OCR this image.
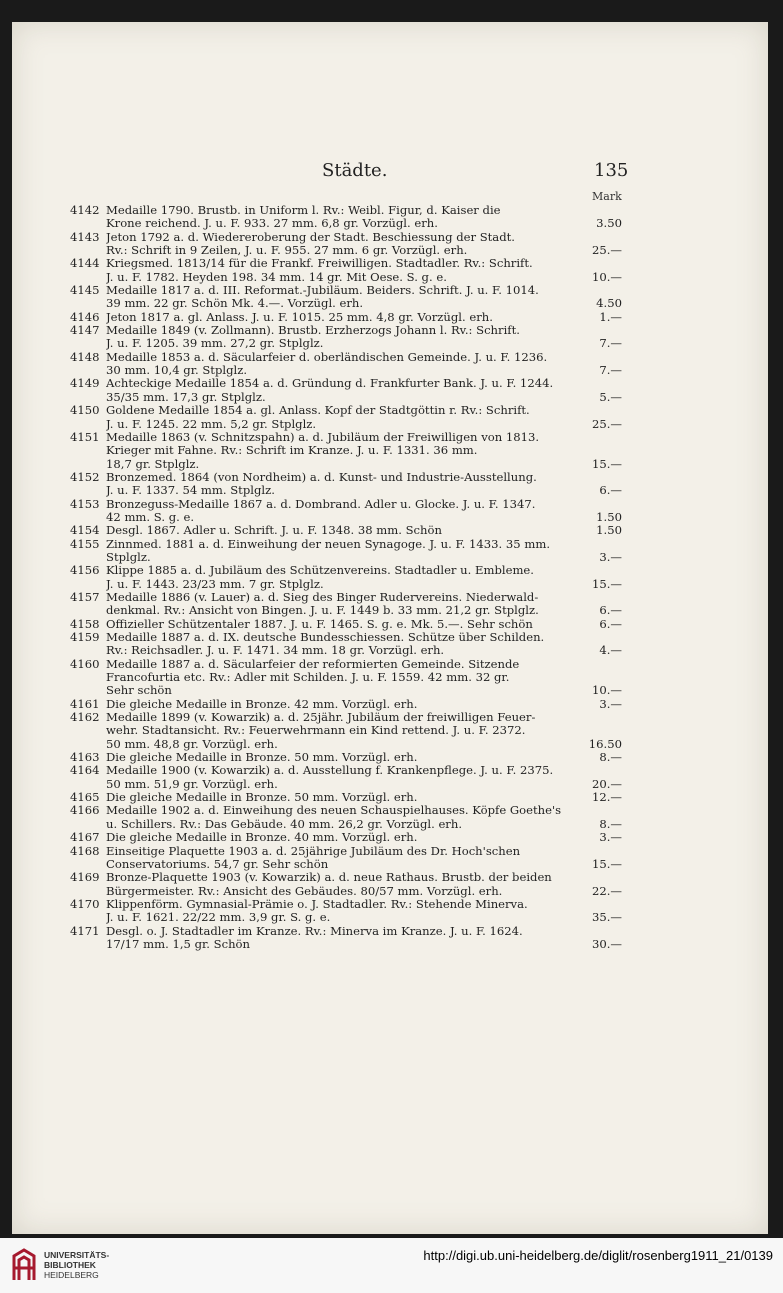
Städte.	135
Mark
4142 Medaille 1790. Brustb. in Uniform l. Rv.: Weibl. Figur, d. Kaiser die
Krone reichend. J. u. F. 933. 27 mm. 6,8 gr. Vorzügl. erh.	3.50
4143 Jeton 1792 a. d. Wiedereroberung der Stadt. Beschiessung der Stadt.
Rv.: Schrift in 9 Zeilen, J. u. F. 955. 27 mm. 6 gr. Vorzügl. erh.	25.—
4144 Kriegsmed. 1813/14 für die Frankf. Freiwilligen. Stadtadler. Rv.: Schrift.
J. u. F. 1782. Heyden 198. 34 mm. 14 gr. Mit Oese. S. g. e.	10.—
4145 Medaille 1817 a. d. III. Reformat.-Jubiläum. Beiders. Schrift. J. u. F. 1014.
39 mm. 22 gr. Schön Mk. 4.—. Vorzügl. erh.	4.50
4146 Jeton 1817 a. gl. Anlass. J. u. F. 1015. 25 mm. 4,8 gr. Vorzügl. erh.	1.—
4147 Medaille 1849 (v. Zollmann). Brustb. Erzherzogs Johann l. Rv.: Schrift.
J. u. F. 1205. 39 mm. 27,2 gr. Stplglz.	7.—
4148 Medaille 1853 a. d. Säcularfeier d. oberländischen Gemeinde. J. u. F. 1236.
30 mm. 10,4 gr. Stplglz.	7.—
4149 Achteckige Medaille 1854 a. d. Gründung d. Frankfurter Bank. J. u. F. 1244.
35/35 mm. 17,3 gr. Stplglz.	5.—
4150 Goldene Medaille 1854 a. gl. Anlass. Kopf der Stadtgöttin r. Rv.: Schrift.
J. u. F. 1245. 22 mm. 5,2 gr. Stplglz.	25.—
4151 Medaille 1863 (v. Schnitzspahn) a. d. Jubiläum der Freiwilligen von 1813.
Krieger mit Fahne. Rv.: Schrift im Kranze. J. u. F. 1331. 36 mm.
18,7 gr. Stplglz.	15.—
4152 Bronzemed. 1864 (von Nordheim) a. d. Kunst- und Industrie-Ausstellung.
J. u. F. 1337. 54 mm. Stplglz.	6.—
4153 Bronzeguss-Medaille 1867 a. d. Dombrand. Adler u. Glocke. J. u. F. 1347.
42 mm. S. g. e.	1.50
4154 Desgl. 1867. Adler u. Schrift. J. u. F. 1348. 38 mm. Schön	1.50
4155 Zinnmed. 1881 a. d. Einweihung der neuen Synagoge. J. u. F. 1433. 35 mm.
Stplglz.	3.—
4156 Klippe 1885 a. d. Jubiläum des Schützenvereins. Stadtadler u. Embleme.
J. u. F. 1443. 23/23 mm. 7 gr. Stplglz.	15.—
4157 Medaille 1886 (v. Lauer) a. d. Sieg des Binger Rudervereins. Niederwald-
denkmal. Rv.: Ansicht von Bingen. J. u. F. 1449 b. 33 mm. 21,2 gr. Stplglz.	6.—
4158 Offizieller Schützentaler 1887. J. u. F. 1465. S. g. e. Mk. 5.—. Sehr schön	6.—
4159 Medaille 1887 a. d. IX. deutsche Bundesschiessen. Schütze über Schilden.
Rv.: Reichsadler. J. u. F. 1471. 34 mm. 18 gr. Vorzügl. erh.	4.—
4160 Medaille 1887 a. d. Säcularfeier der reformierten Gemeinde. Sitzende
Francofurtia etc. Rv.: Adler mit Schilden. J. u. F. 1559. 42 mm. 32 gr.
Sehr schön	10.—
4161 Die gleiche Medaille in Bronze. 42 mm. Vorzügl. erh.	3.—
4162 Medaille 1899 (v. Kowarzik) a. d. 25jähr. Jubiläum der freiwilligen Feuer-
wehr. Stadtansicht. Rv.: Feuerwehrmann ein Kind rettend. J. u. F. 2372.
50 mm. 48,8 gr. Vorzügl. erh.	16.50
4163 Die gleiche Medaille in Bronze. 50 mm. Vorzügl. erh.	8.—
4164 Medaille 1900 (v. Kowarzik) a. d. Ausstellung f. Krankenpflege. J. u. F. 2375.
50 mm. 51,9 gr. Vorzügl. erh.	20.—
4165 Die gleiche Medaille in Bronze. 50 mm. Vorzügl. erh.	12.—
4166 Medaille 1902 a. d. Einweihung des neuen Schauspielhauses. Köpfe Goethe's
u. Schillers. Rv.: Das Gebäude. 40 mm. 26,2 gr. Vorzügl. erh.	8.—
4167 Die gleiche Medaille in Bronze. 40 mm. Vorzügl. erh.	3.—
4168 Einseitige Plaquette 1903 a. d. 25jährige Jubiläum des Dr. Hoch'schen
Conservatoriums. 54,7 gr. Sehr schön	15.—
4169 Bronze-Plaquette 1903 (v. Kowarzik) a. d. neue Rathaus. Brustb. der beiden
Bürgermeister. Rv.: Ansicht des Gebäudes. 80/57 mm. Vorzügl. erh.	22.—
4170 Klippenförm. Gymnasial-Prämie o. J. Stadtadler. Rv.: Stehende Minerva.
J. u. F. 1621. 22/22 mm. 3,9 gr. S. g. e.	35.—
4171 Desgl. o. J. Stadtadler im Kranze. Rv.: Minerva im Kranze. J. u. F. 1624.
17/17 mm. 1,5 gr. Schön	30.—
UNIVERSITÄTS-
BIBLIOTHEK
HEIDELBERG
http://digi.ub.uni-heidelberg.de/diglit/rosenberg1911_21/0139
